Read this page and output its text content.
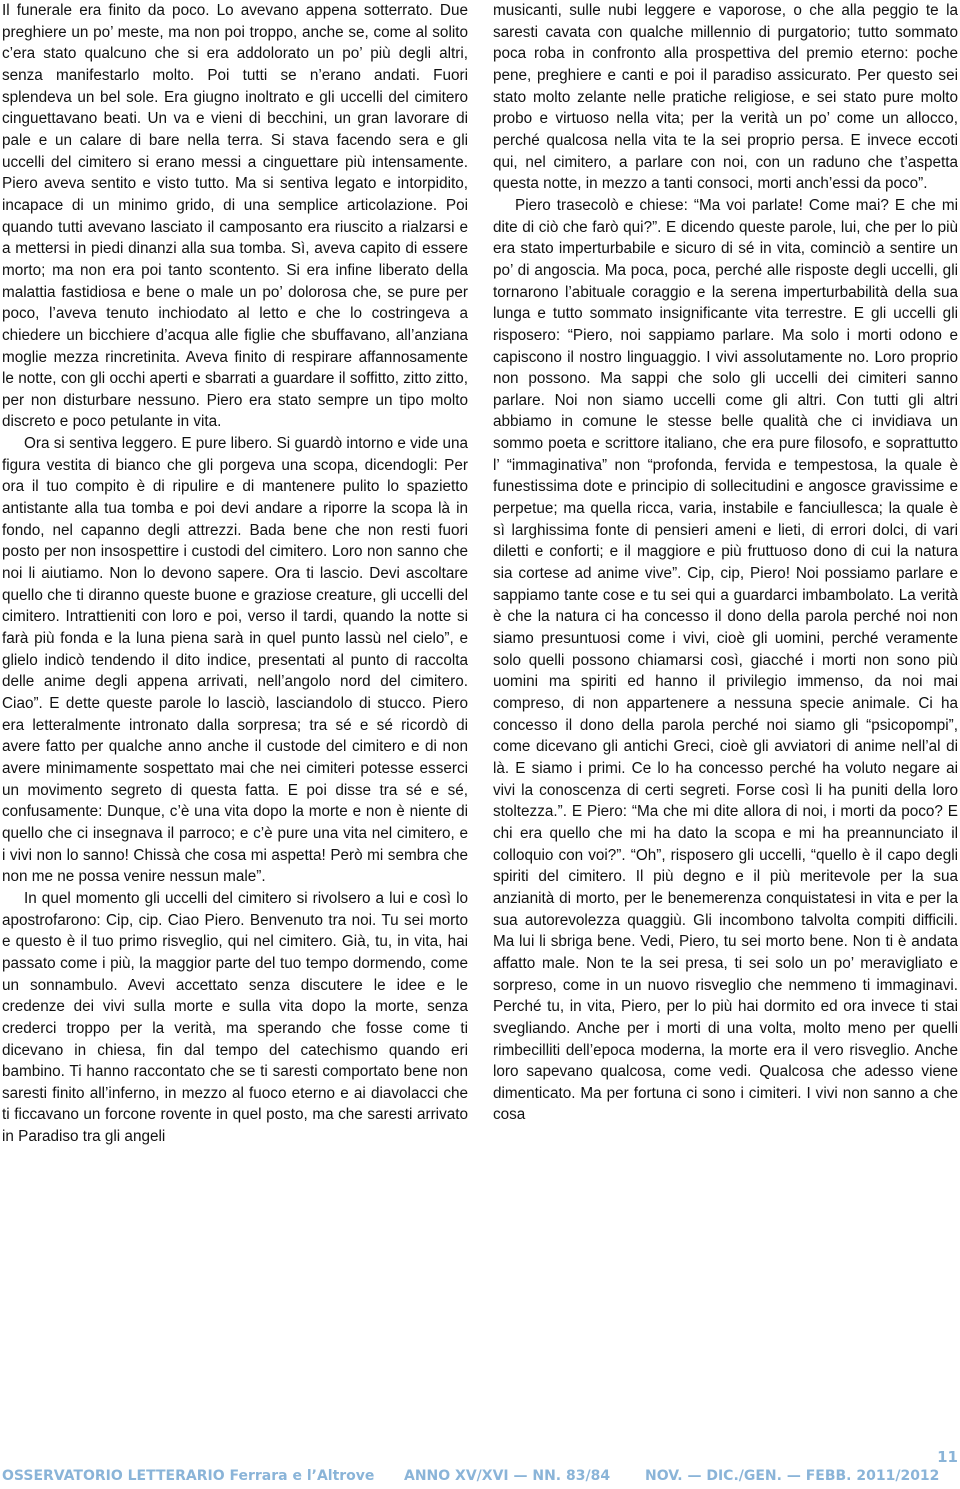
Il funerale era finito da poco. Lo avevano appena sotterrato. Due preghiere un po’ meste, ma non poi troppo, anche se, come al solito c’era stato qualcuno che si era addolorato un po’ più degli altri, senza manifestarlo molto. Poi tutti se n’erano andati. Fuori splendeva un bel sole. Era giugno inoltrato e gli uccelli del cimitero cinguettavano beati. Un va e vieni di becchini, un gran lavorare di pale e un calare di bare nella terra. Si stava facendo sera e gli uccelli del cimitero si erano messi a cinguettare più intensamente. Piero aveva sentito e visto tutto. Ma si sentiva legato e intorpidito, incapace di un minimo grido, di una semplice articolazione. Poi quando tutti avevano lasciato il camposanto era riuscito a rialzarsi e a mettersi in piedi dinanzi alla sua tomba. Sì, aveva capito di essere morto; ma non era poi tanto scontento. Si era infine liberato della malattia fastidiosa e bene o male un po’ dolorosa che, se pure per poco, l’aveva tenuto inchiodato al letto e che lo costringeva a chiedere un bicchiere d’acqua alle figlie che sbuffavano, all’anziana moglie mezza rincretinita. Aveva finito di respirare affannosamente le notte, con gli occhi aperti e sbarrati a guardare il soffitto, zitto zitto, per non disturbare nessuno. Piero era stato sempre un tipo molto discreto e poco petulante in vita.

Ora si sentiva leggero. E pure libero. Si guardò intorno e vide una figura vestita di bianco che gli porgeva una scopa, dicendogli: Per ora il tuo compito è di ripulire e di mantenere pulito lo spazietto antistante alla tua tomba e poi devi andare a riporre la scopa là in fondo, nel capanno degli attrezzi. Bada bene che non resti fuori posto per non insospettire i custodi del cimitero. Loro non sanno che noi li aiutiamo. Non lo devono sapere. Ora ti lascio. Devi ascoltare quello che ti diranno queste buone e graziose creature, gli uccelli del cimitero. Intrattieniti con loro e poi, verso il tardi, quando la notte si farà più fonda e la luna piena sarà in quel punto lassù nel cielo”, e glielo indicò tendendo il dito indice, presentati al punto di raccolta delle anime degli appena arrivati, nell’angolo nord del cimitero. Ciao”. E dette queste parole lo lasciò, lasciandolo di stucco. Piero era letteralmente intronato dalla sorpresa; tra sé e sé ricordò di avere fatto per qualche anno anche il custode del cimitero e di non avere minimamente sospettato mai che nei cimiteri potesse esserci un movimento segreto di questa fatta. E poi disse tra sé e sé, confusamente: Dunque, c’è una vita dopo la morte e non è niente di quello che ci insegnava il parroco; e c’è pure una vita nel cimitero, e i vivi non lo sanno! Chissà che cosa mi aspetta! Però mi sembra che non me ne possa venire nessun male”.

In quel momento gli uccelli del cimitero si rivolsero a lui e così lo apostrofarono: Cip, cip. Ciao Piero. Benvenuto tra noi. Tu sei morto e questo è il tuo primo risveglio, qui nel cimitero. Già, tu, in vita, hai passato come i più, la maggior parte del tuo tempo dormendo, come un sonnambulo. Avevi accettato senza discutere le idee e le credenze dei vivi sulla morte e sulla vita dopo la morte, senza crederci troppo per la verità, ma sperando che fosse come ti dicevano in chiesa, fin dal tempo del catechismo quando eri bambino. Ti hanno raccontato che se ti saresti comportato bene non saresti finito all’inferno, in mezzo al fuoco eterno e ai diavolacci che ti ficcavano un forcone rovente in quel posto, ma che saresti arrivato in Paradiso tra gli angeli

musicanti, sulle nubi leggere e vaporose, o che alla peggio te la saresti cavata con qualche millennio di purgatorio; tutto sommato poca roba in confronto alla prospettiva del premio eterno: poche pene, preghiere e canti e poi il paradiso assicurato. Per questo sei stato molto zelante nelle pratiche religiose, e sei stato pure molto probo e virtuoso nella vita; per la verità un po’ come un allocco, perché qualcosa nella vita te la sei proprio persa. E invece eccoti qui, nel cimitero, a parlare con noi, con un raduno che t’aspetta questa notte, in mezzo a tanti consoci, morti anch’essi da poco”.

Piero trasecolò e chiese: “Ma voi parlate! Come mai? E che mi dite di ciò che farò qui?”. E dicendo queste parole, lui, che per lo più era stato imperturbabile e sicuro di sé in vita, cominciò a sentire un po’ di angoscia. Ma poca, poca, perché alle risposte degli uccelli, gli tornarono l’abituale coraggio e la serena imperturbabilità della sua lunga e tutto sommato insignificante vita terrestre. E gli uccelli gli risposero: “Piero, noi sappiamo parlare. Ma solo i morti odono e capiscono il nostro linguaggio. I vivi assolutamente no. Loro proprio non possono. Ma sappi che solo gli uccelli dei cimiteri sanno parlare. Noi non siamo uccelli come gli altri. Con tutti gli altri abbiamo in comune le stesse belle qualità che ci invidiava un sommo poeta e scrittore italiano, che era pure filosofo, e soprattutto l’ “immaginativa” non “profonda, fervida e tempestosa, la quale è funestissima dote e principio di sollecitudini e angosce gravissime e perpetue; ma quella ricca, varia, instabile e fanciullesca; la quale è sì larghissima fonte di pensieri ameni e lieti, di errori dolci, di vari diletti e conforti; e il maggiore e più fruttuoso dono di cui la natura sia cortese ad anime vive”. Cip, cip, Piero! Noi possiamo parlare e sappiamo tante cose e tu sei qui a guardarci imbambolato. La verità è che la natura ci ha concesso il dono della parola perché noi non siamo presuntuosi come i vivi, cioè gli uomini, perché veramente solo quelli possono chiamarsi così, giacché i morti non sono più uomini ma spiriti ed hanno il privilegio immenso, da noi mai compreso, di non appartenere a nessuna specie animale. Ci ha concesso il dono della parola perché noi siamo gli “psicopompi”, come dicevano gli antichi Greci, cioè gli avviatori di anime nell’al di là. E siamo i primi. Ce lo ha concesso perché ha voluto negare ai vivi la conoscenza di certi segreti. Forse così li ha puniti della loro stoltezza.”. E Piero: “Ma che mi dite allora di noi, i morti da poco? E chi era quello che mi ha dato la scopa e mi ha preannunciato il colloquio con voi?”. “Oh”, risposero gli uccelli, “quello è il capo degli spiriti del cimitero. Il più degno e il più meritevole per la sua anzianità di morto, per le benemerenza conquistatesi in vita e per la sua autorevolezza quaggiù. Gli incombono talvolta compiti difficili. Ma lui li sbriga bene. Vedi, Piero, tu sei morto bene. Non ti è andata affatto male. Non te la sei presa, ti sei solo un po’ meravigliato e sorpreso, come in un nuovo risveglio che nemmeno ti immaginavi. Perché tu, in vita, Piero, per lo più hai dormito ed ora invece ti stai svegliando. Anche per i morti di una volta, molto meno per quelli rimbecilliti dell’epoca moderna, la morte era il vero risveglio. Anche loro sapevano qualcosa, come vedi. Qualcosa che adesso viene dimenticato. Ma per fortuna ci sono i cimiteri. I vivi non sanno a che cosa

11
OSSERVATORIO LETTERARIO Ferrara e l’Altrove ANNO XV/XVI — NN. 83/84 NOV. — DIC./GEN. — FEBB. 2011/2012
